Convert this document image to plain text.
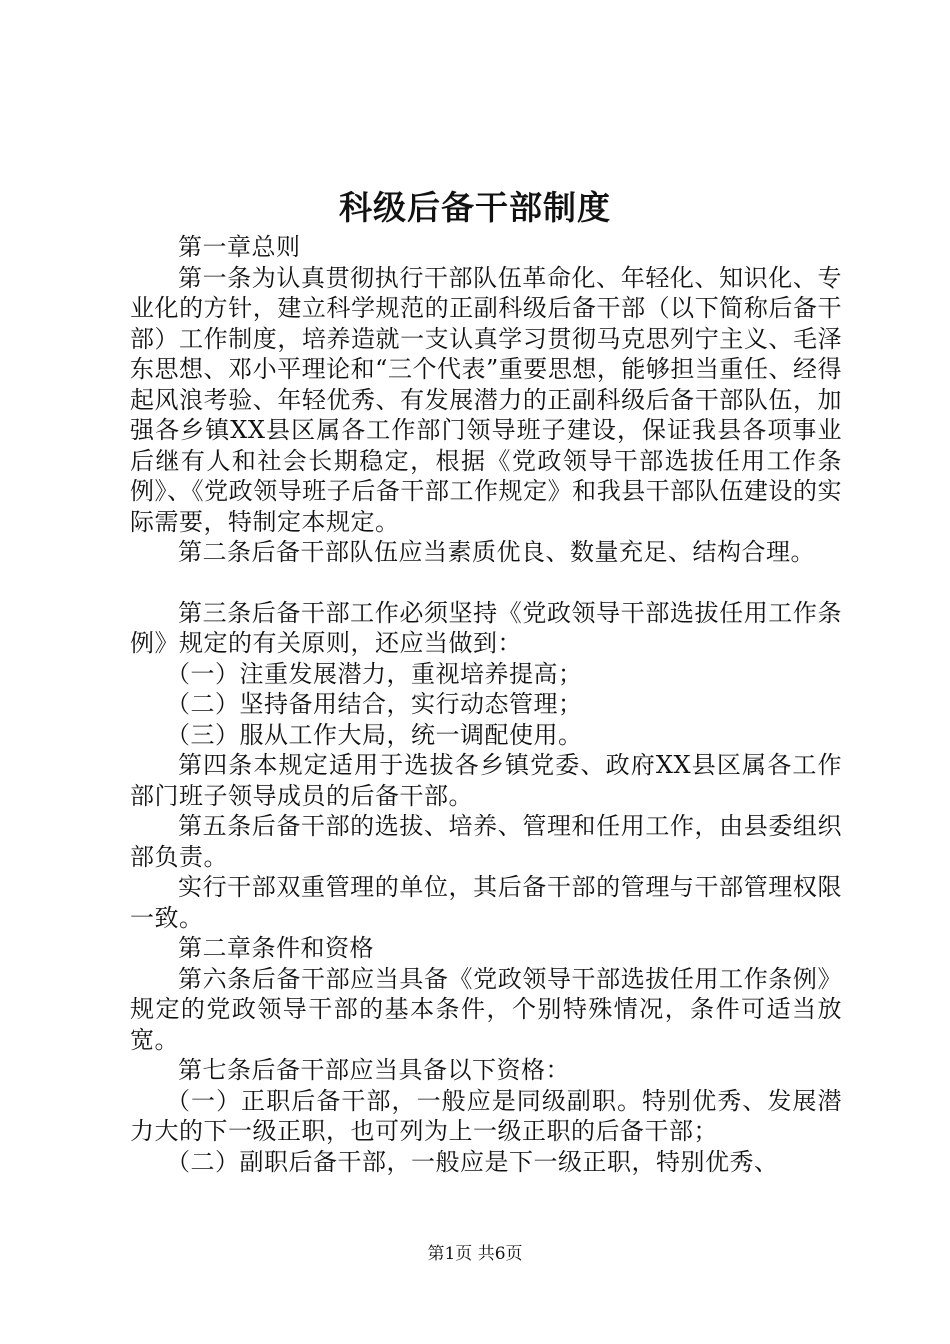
科级后备干部制度

第一章总则

第一条为认真贯彻执行干部队伍革命化、年轻化、知识化、专业化的方针，建立科学规范的正副科级后备干部（以下简称后备干部）工作制度，培养造就一支认真学习贯彻马克思列宁主义、毛泽东思想、邓小平理论和“三个代表”重要思想，能够担当重任、经得起风浪考验、年轻优秀、有发展潜力的正副科级后备干部队伍，加强各乡镇XX县区属各工作部门领导班子建设，保证我县各项事业后继有人和社会长期稳定，根据《党政领导干部选拔任用工作条例》、《党政领导班子后备干部工作规定》和我县干部队伍建设的实际需要，特制定本规定。

第二条后备干部队伍应当素质优良、数量充足、结构合理。

第三条后备干部工作必须坚持《党政领导干部选拔任用工作条例》规定的有关原则，还应当做到：

（一）注重发展潜力，重视培养提高；

（二）坚持备用结合，实行动态管理；

（三）服从工作大局，统一调配使用。

第四条本规定适用于选拔各乡镇党委、政府XX县区属各工作部门班子领导成员的后备干部。

第五条后备干部的选拔、培养、管理和任用工作，由县委组织部负责。

实行干部双重管理的单位，其后备干部的管理与干部管理权限一致。

第二章条件和资格

第六条后备干部应当具备《党政领导干部选拔任用工作条例》规定的党政领导干部的基本条件，个别特殊情况，条件可适当放宽。

第七条后备干部应当具备以下资格：

（一）正职后备干部，一般应是同级副职。特别优秀、发展潜力大的下一级正职，也可列为上一级正职的后备干部；

（二）副职后备干部，一般应是下一级正职，特别优秀、

第1页 共6页
